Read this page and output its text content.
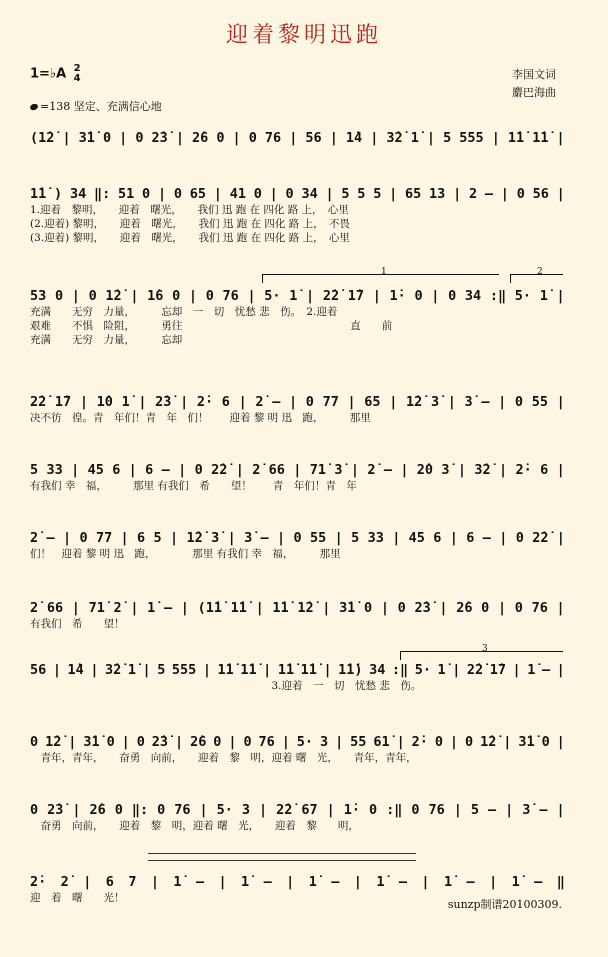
迎着黎明迅跑
1=♭A 2
4	李国文词
麝巴海曲
=138 坚定、充满信心地
1	2
3
(1̇2̇ | 3̇1̇ 0 | 0 2̇3̇ | 2̇6 0 | 0 76 | 56 | 1̇4 | 3̇2̇ 1̇ | 5 555 | 1̇1̇ 1̇1̇ |
1̇1̇ ) 34 ‖: 51 0 | 0 65 | 41 0 | 0 34 | 5 5 5 | 65 13 | 2 – | 0 56 |
1.迎着　黎明，　　迎着　曙光，　　我们 迅 跑 在 四化 路 上，　心里
(2.迎着) 黎明，　　迎着　曙光，　　我们 迅 跑 在 四化 路 上，　不畏
(3.迎着) 黎明，　　迎着　曙光，　　我们 迅 跑 在 四化 路 上，　心里
53 0 | 0 1̇2̇ | 1̇6 0 | 0 76 | 5· 1̇ | 2̇2̇ 1̇7 | 1̇· 0 | 0 34 :‖ 5· 1̇ |
充满　　无穷　力量，　　　忘却　一　切　忧愁 悲　伤。　2.迎着
艰难　　不惧　险阻，　　　勇往　　　　　　　　　　　　　　　　直　　前
充满　　无穷　力量，　　　忘却
2̇2̇ 1̇7 | 1̇0 1̇ | 2̇3̇ | 2̇· 6 | 2̇ – | 0 77 | 65 | 1̇2̇ 3̇ | 3̇ – | 0 55 |
决不彷　徨。青　年们！青　年　们！　　迎着 黎 明 迅　跑，　　　那里
5 33 | 45 6 | 6 – | 0 2̇2̇ | 2̇ 66 | 71̇ 3̇ | 2̇ – | 2̇0 3̇ | 3̇2̇ | 2̇· 6 |
有我们 幸　福，　　　那里 有我们　希　　望！　　青　年们！青　年
2̇ – | 0 77 | 6 5 | 1̇2̇ 3̇ | 3̇ – | 0 55 | 5 33 | 45 6 | 6 – | 0 2̇2̇ |
们！　迎着 黎 明 迅　跑，　　　　那里 有我们 幸　福，　　　那里
2̇ 66 | 71̇ 2̇ | 1̇ – | (1̇1̇ 1̇1̇ | 1̇1̇ 1̇2̇ | 3̇1̇ 0 | 0 2̇3̇ | 2̇6 0 | 0 76 |
有我们　希　　望！
56 | 1̇4 | 3̇2̇ 1̇ | 5 555 | 1̇1̇ 1̇1̇ | 1̇1̇ 1̇1̇ | 1̇1̇) 34 :‖ 5· 1̇ | 2̇2̇ 1̇7 | 1̇ – |
　　　　　　　　　　　　　　　　　　　　　　　3.迎着　一　切　忧愁 悲　伤。
0 1̇2̇ | 3̇1̇ 0 | 0 2̇3̇ | 2̇6 0 | 0 76 | 5· 3 | 55 61̇ | 2̇· 0 | 0 1̇2̇ | 3̇1̇ 0 |
　青年，青年，　　奋勇　向前，　　迎着　黎　明，迎着 曙　光，　　青年，青年，
0 2̇3̇ | 2̇6 0 ‖: 0 76 | 5· 3 | 2̇2̇ 67 | 1̇· 0 :‖ 0 76 | 5 – | 3̇ – |
　奋勇　向前，　　迎着　黎　明，迎着 曙　光，　　迎着　黎　　明，
2̇· 2̇ | 6 7 | 1̇ – | 1̇ – | 1̇ – | 1̇ – | 1̇ – | 1̇ – ‖
迎　着　曙　　光！	sunzp制谱20100309.
